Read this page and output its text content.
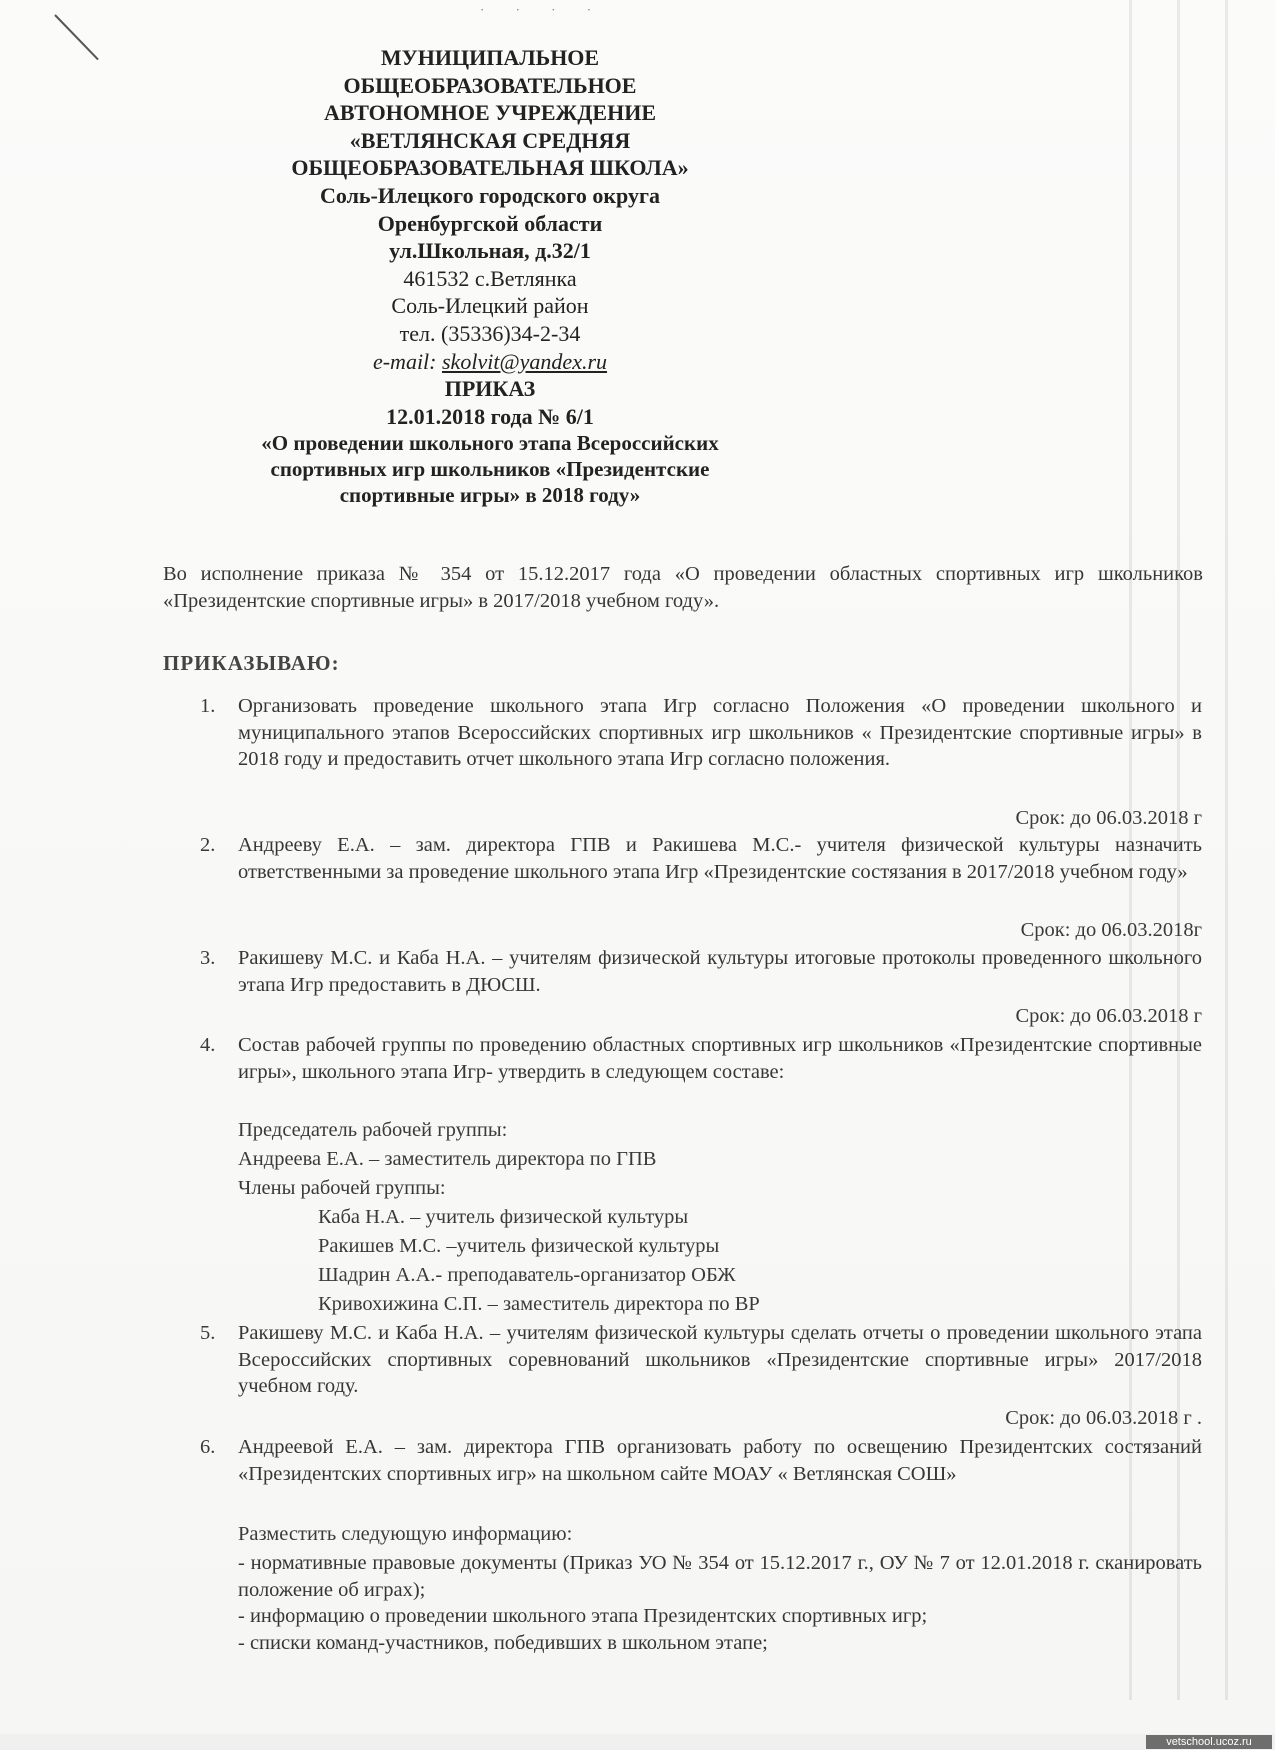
· · · ·
МУНИЦИПАЛЬНОЕ
ОБЩЕОБРАЗОВАТЕЛЬНОЕ
АВТОНОМНОЕ УЧРЕЖДЕНИЕ
«ВЕТЛЯНСКАЯ СРЕДНЯЯ
ОБЩЕОБРАЗОВАТЕЛЬНАЯ ШКОЛА»
Соль-Илецкого городского округа
Оренбургской области
ул.Школьная, д.32/1
461532 с.Ветлянка
Соль-Илецкий район
тел. (35336)34-2-34
e-mail: skolvit@yandex.ru
ПРИКАЗ
12.01.2018 года № 6/1
«О проведении школьного этапа Всероссийских
спортивных игр школьников «Президентские
спортивные игры» в 2018 году»
Во исполнение приказа № 354 от 15.12.2017 года «О проведении областных спортивных игр школьников «Президентские спортивные игры» в 2017/2018 учебном году».
ПРИКАЗЫВАЮ:
1. Организовать проведение школьного этапа Игр согласно Положения «О проведении школьного и муниципального этапов Всероссийских спортивных игр школьников « Президентские спортивные игры» в 2018 году и предоставить отчет школьного этапа Игр согласно положения.
Срок: до 06.03.2018 г
2. Андрееву Е.А. – зам. директора ГПВ и Ракишева М.С.- учителя физической культуры назначить ответственными за проведение школьного этапа Игр «Президентские состязания в 2017/2018 учебном году»
Срок: до 06.03.2018г
3. Ракишеву М.С. и Каба Н.А. – учителям физической культуры итоговые протоколы проведенного школьного этапа Игр предоставить в ДЮСШ.
Срок: до 06.03.2018 г
4. Состав рабочей группы по проведению областных спортивных игр школьников «Президентские спортивные игры», школьного этапа Игр- утвердить в следующем составе:
Председатель рабочей группы:
Андреева Е.А. – заместитель директора по ГПВ
Члены рабочей группы:
Каба Н.А. – учитель физической культуры
Ракишев М.С. –учитель физической культуры
Шадрин А.А.- преподаватель-организатор ОБЖ
Кривохижина С.П. – заместитель директора по ВР
5. Ракишеву М.С. и Каба Н.А. – учителям физической культуры сделать отчеты о проведении школьного этапа Всероссийских спортивных соревнований школьников «Президентские спортивные игры» 2017/2018 учебном году.
Срок: до 06.03.2018 г .
6. Андреевой Е.А. – зам. директора ГПВ организовать работу по освещению Президентских состязаний «Президентских спортивных игр» на школьном сайте МОАУ « Ветлянская СОШ»
Разместить следующую информацию:
- нормативные правовые документы (Приказ УО № 354 от 15.12.2017 г., ОУ № 7 от 12.01.2018 г. сканировать положение об играх);
- информацию о проведении школьного этапа Президентских спортивных игр;
- списки команд-участников, победивших в школьном этапе;
vetschool.ucoz.ru
